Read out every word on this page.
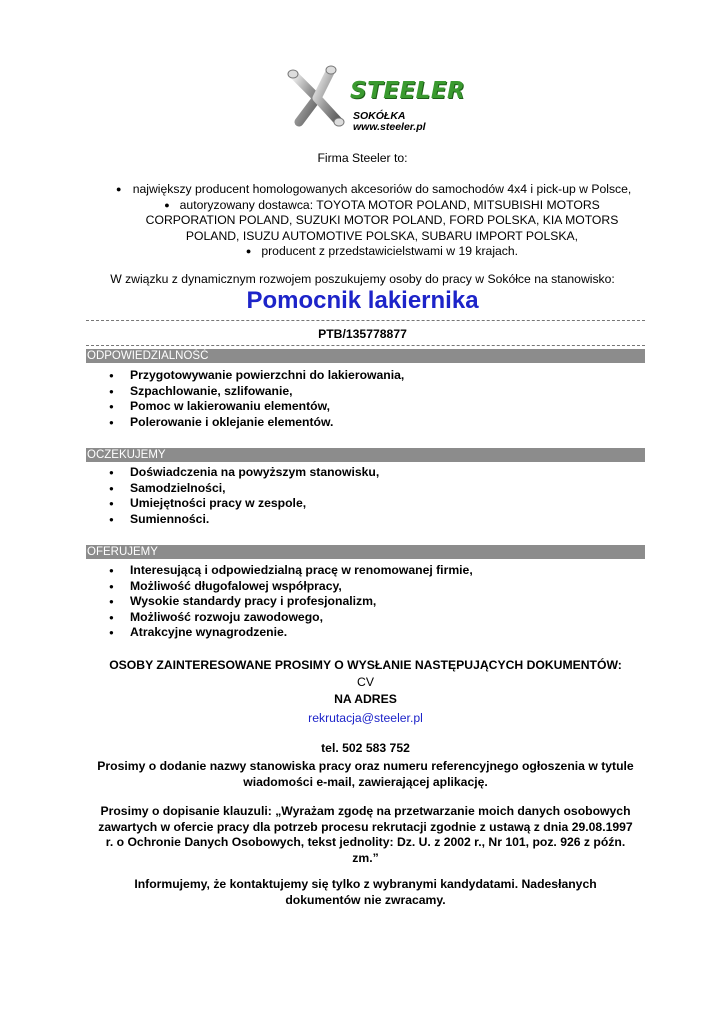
STEELER
SOKÓŁKA
www.steeler.pl
Firma Steeler to:
● największy producent homologowanych akcesoriów do samochodów 4x4 i pick-up w Polsce,
● autoryzowany dostawca: TOYOTA MOTOR POLAND, MITSUBISHI MOTORS
CORPORATION POLAND, SUZUKI MOTOR POLAND, FORD POLSKA, KIA MOTORS
POLAND, ISUZU AUTOMOTIVE POLSKA, SUBARU IMPORT POLSKA,
● producent z przedstawicielstwami w 19 krajach.
W związku z dynamicznym rozwojem poszukujemy osoby do pracy w Sokółce na stanowisko:
Pomocnik lakiernika
PTB/135778877
ODPOWIEDZIALNOŚĆ
● Przygotowywanie powierzchni do lakierowania,
● Szpachlowanie, szlifowanie,
● Pomoc w lakierowaniu elementów,
● Polerowanie i oklejanie elementów.
OCZEKUJEMY
● Doświadczenia na powyższym stanowisku,
● Samodzielności,
● Umiejętności pracy w zespole,
● Sumienności.
OFERUJEMY
● Interesującą i odpowiedzialną pracę w renomowanej firmie,
● Możliwość długofalowej współpracy,
● Wysokie standardy pracy i profesjonalizm,
● Możliwość rozwoju zawodowego,
● Atrakcyjne wynagrodzenie.
OSOBY ZAINTERESOWANE PROSIMY O WYSŁANIE NASTĘPUJĄCYCH DOKUMENTÓW:
CV
NA ADRES
rekrutacja@steeler.pl
tel. 502 583 752
Prosimy o dodanie nazwy stanowiska pracy oraz numeru referencyjnego ogłoszenia w tytule
wiadomości e-mail, zawierającej aplikację.
Prosimy o dopisanie klauzuli: „Wyrażam zgodę na przetwarzanie moich danych osobowych
zawartych w ofercie pracy dla potrzeb procesu rekrutacji zgodnie z ustawą z dnia 29.08.1997
r. o Ochronie Danych Osobowych, tekst jednolity: Dz. U. z 2002 r., Nr 101, poz. 926 z późn.
zm.”
Informujemy, że kontaktujemy się tylko z wybranymi kandydatami. Nadesłanych
dokumentów nie zwracamy.
